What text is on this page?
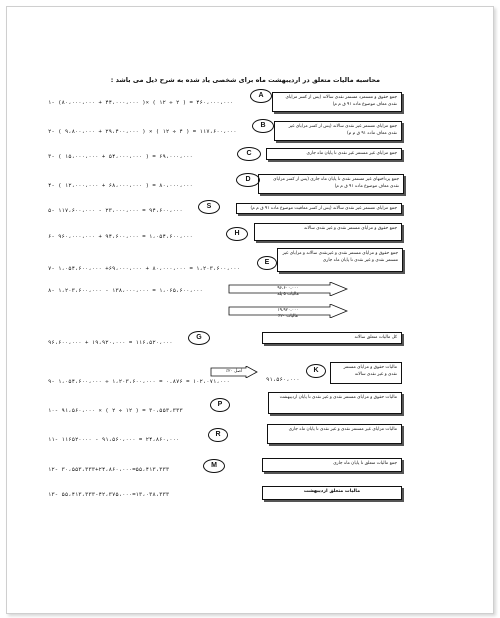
محاسبه مالیات متعلق در اردیبهشت ماه برای شخصی یاد شده به شرح ذیل می باشد :
۱- (۸۰،۰۰۰،۰۰۰ + ۴۴،۰۰۰،۰۰۰ )× ( ۱۲ ÷ ۲ ) = ۴۶۰،۰۰۰،۰۰۰
A	جمع حقوق و مستمزد مستمر نقدی سالانه (پس از کسر مزایای نقدی معاف موضوع ماده ۹۱ ق م م)
۲- ( ۹،۸۰۰،۰۰۰ + ۲۹،۴۰۰،۰۰۰ ) × ( ۱۲ ÷ ۴ ) = ۱۱۷،۶۰۰،۰۰۰
B	جمع مزایای مستمر غیر نقدی سالانه (پس از کسر مزایای غیر نقدی معاف ماده ۹۱ ق م م)
۳- ( ۱۵،۰۰۰،۰۰۰ + ۵۴،۰۰۰،۰۰۰ ) = ۶۹،۰۰۰،۰۰۰	C	جمع مزایای غیر مستمر غیر نقدی تا پایان ماه جاری
۴- ( ۱۲،۰۰۰،۰۰۰ + ۶۸،۰۰۰،۰۰۰ ) = ۸۰،۰۰۰،۰۰۰
D	جمع پرداختهای غیر مستمر نقدی تا پایان ماه جاری (پس از کسر مزایای نقدی معاف موضوع ماده ۹۱ ق م م)
۵- ۱۱۷،۶۰۰،۰۰۰ - ۲۳،۰۰۰،۰۰۰ = ۹۴،۶۰۰،۰۰۰
S	جمع مزایای مستمر غیر نقدی سالانه (پس از کسر معافیت موضوع ماده ۹۱ ق م م)
۶- ۹۶۰،۰۰۰،۰۰۰ + ۹۴،۶۰۰،۰۰۰ = ۱،۰۵۴،۶۰۰،۰۰۰	H
جمع حقوق و مزایای مستمر نقدی و غیر نقدی سالانه
۷- ۱،۰۵۴،۶۰۰،۰۰۰ +۶۹،۰۰۰،۰۰۰ + ۸۰،۰۰۰،۰۰۰ = ۱،۲۰۳،۶۰۰،۰۰۰
E
جمع حقوق و مزایای مستمر نقدی و غیرنقدی سالانه و مزایای غیر مستمر نقدی و غیر نقدی تا پایان ماه جاری
۸- ۱،۲۰۳،۶۰۰،۰۰۰ - ۱۳۸،۰۰۰،۰۰۰ = ۱،۰۶۵،۶۰۰،۰۰۰	۹۶،۶۰۰،۰۰۰
مالیات ۵ پله
۱۹،۹۲۰،۰۰۰
مالیات ۲۰٪
۹۶،۶۰۰،۰۰۰ + ۱۹،۹۲۰،۰۰۰ = ۱۱۶،۵۲۰،۰۰۰
G	کل مالیات متعلق سالانه
۹- ۱،۰۵۴،۶۰۰،۰۰۰ ÷ ۱،۲۰۳،۶۰۰،۰۰۰ = ۰.۸۷۶ = ۱۰۲،۰۷۱،۰۰۰
اصل ۲۰٪
۹۱،۵۶۰،۰۰۰
K	مالیات حقوق و مزایای مستمر نقدی و غیر نقدی سالانه
۱۰- ۹۱،۵۶۰،۰۰۰ × ( ۲ ÷ ۱۲ ) = ۳۰،۵۵۳،۳۳۳
P
مالیات حقوق و مزایای مستمر نقدی و غیر نقدی تا پایان اردیبهشت
۱۱- ۱۱۶۵۲۰۰۰۰ - ۹۱،۵۶۰،۰۰۰ = ۲۴،۸۶۰،۰۰۰
R
مالیات مزایای غیر مستمر نقدی و غیر نقدی تا پایان ماه جاری
۱۲- ۳۰،۵۵۳،۳۳۳+۲۴،۸۶۰،۰۰۰=۵۵،۴۱۳،۳۳۳
M	جمع مالیات متعلق تا پایان ماه جاری
۱۳- ۵۵،۴۱۳،۳۳۳-۴۲،۳۷۵،۰۰۰=۱۳،۰۳۸،۳۳۳
مالیات متعلق اردیبهشت
